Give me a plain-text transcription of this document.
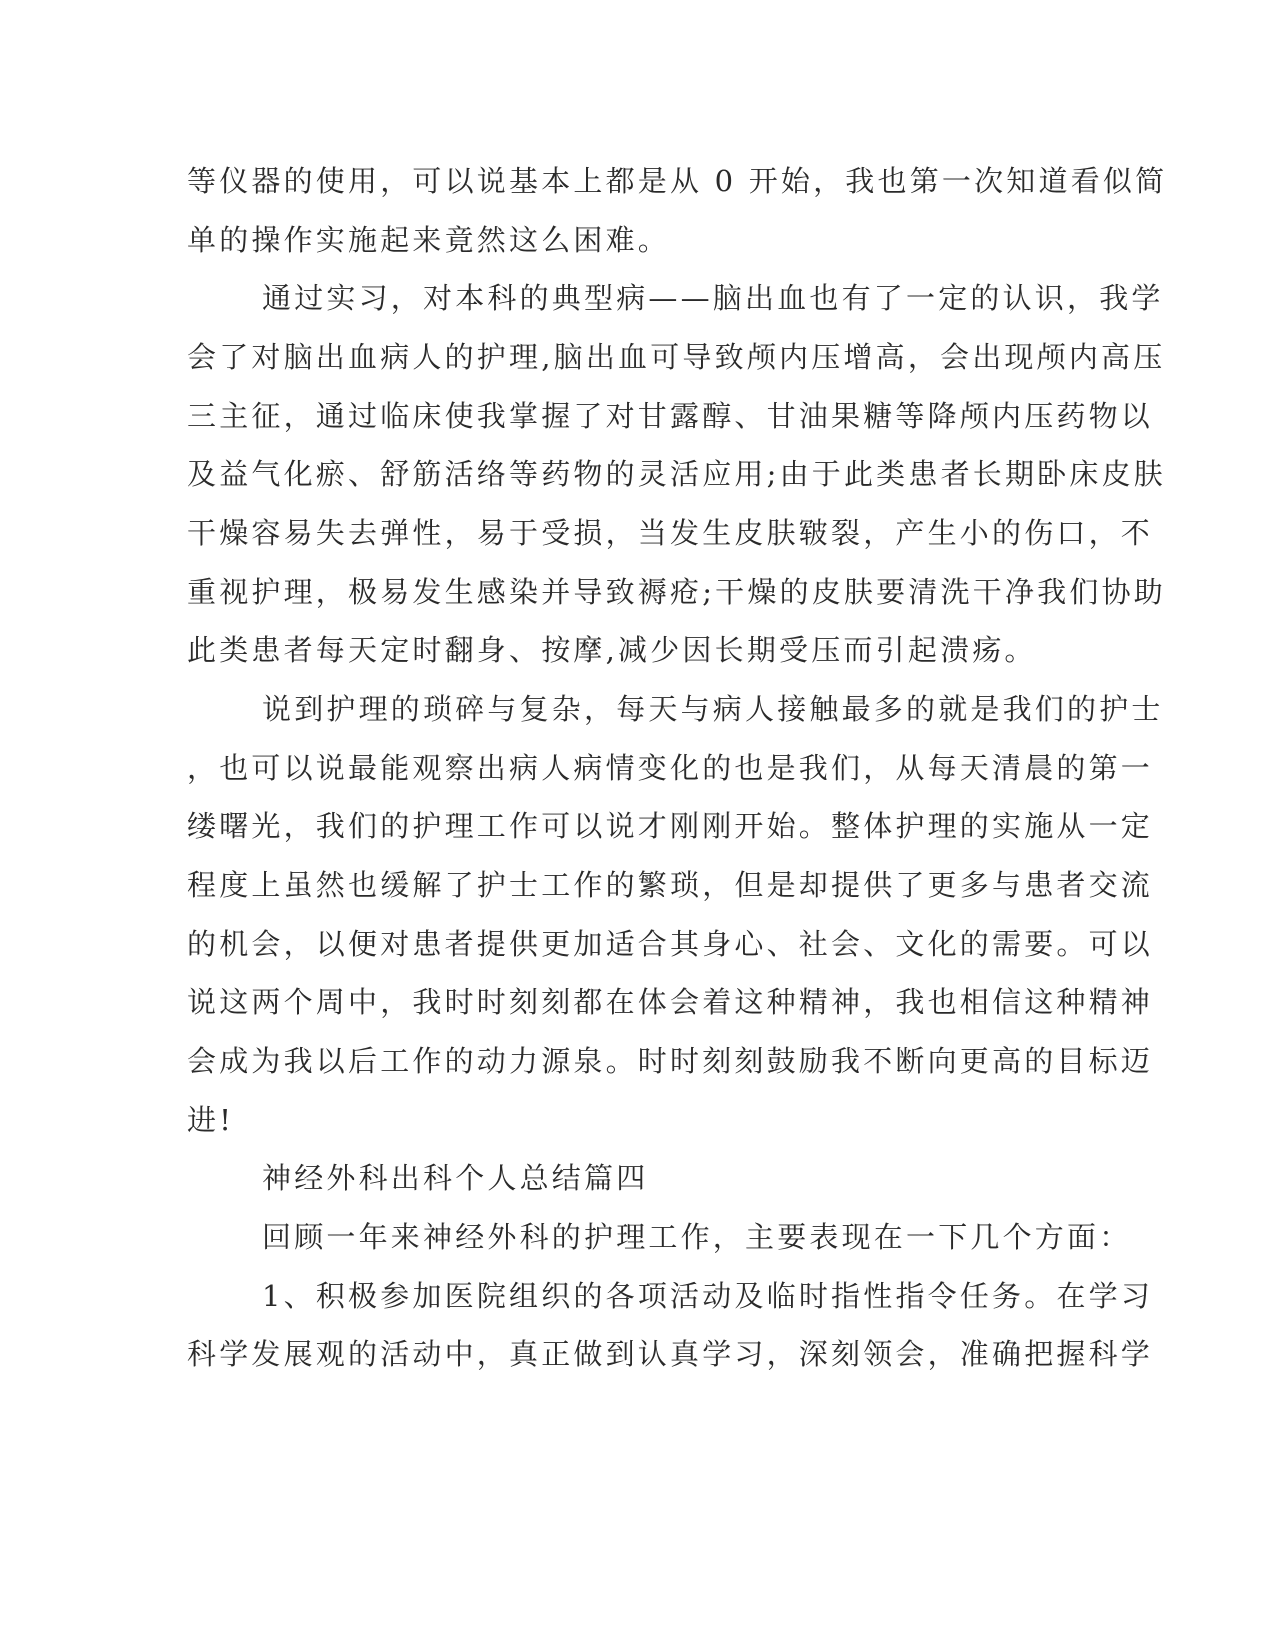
等仪器的使用，可以说基本上都是从 0 开始，我也第一次知道看似简
单的操作实施起来竟然这么困难。
通过实习，对本科的典型病——脑出血也有了一定的认识，我学
会了对脑出血病人的护理,脑出血可导致颅内压增高，会出现颅内高压
三主征，通过临床使我掌握了对甘露醇、甘油果糖等降颅内压药物以
及益气化瘀、舒筋活络等药物的灵活应用;由于此类患者长期卧床皮肤
干燥容易失去弹性，易于受损，当发生皮肤皲裂，产生小的伤口，不
重视护理，极易发生感染并导致褥疮;干燥的皮肤要清洗干净我们协助
此类患者每天定时翻身、按摩,减少因长期受压而引起溃疡。
说到护理的琐碎与复杂，每天与病人接触最多的就是我们的护士
，也可以说最能观察出病人病情变化的也是我们，从每天清晨的第一
缕曙光，我们的护理工作可以说才刚刚开始。整体护理的实施从一定
程度上虽然也缓解了护士工作的繁琐，但是却提供了更多与患者交流
的机会，以便对患者提供更加适合其身心、社会、文化的需要。可以
说这两个周中，我时时刻刻都在体会着这种精神，我也相信这种精神
会成为我以后工作的动力源泉。时时刻刻鼓励我不断向更高的目标迈
进!
神经外科出科个人总结篇四
回顾一年来神经外科的护理工作，主要表现在一下几个方面：
1、积极参加医院组织的各项活动及临时指性指令任务。在学习
科学发展观的活动中，真正做到认真学习，深刻领会，准确把握科学
